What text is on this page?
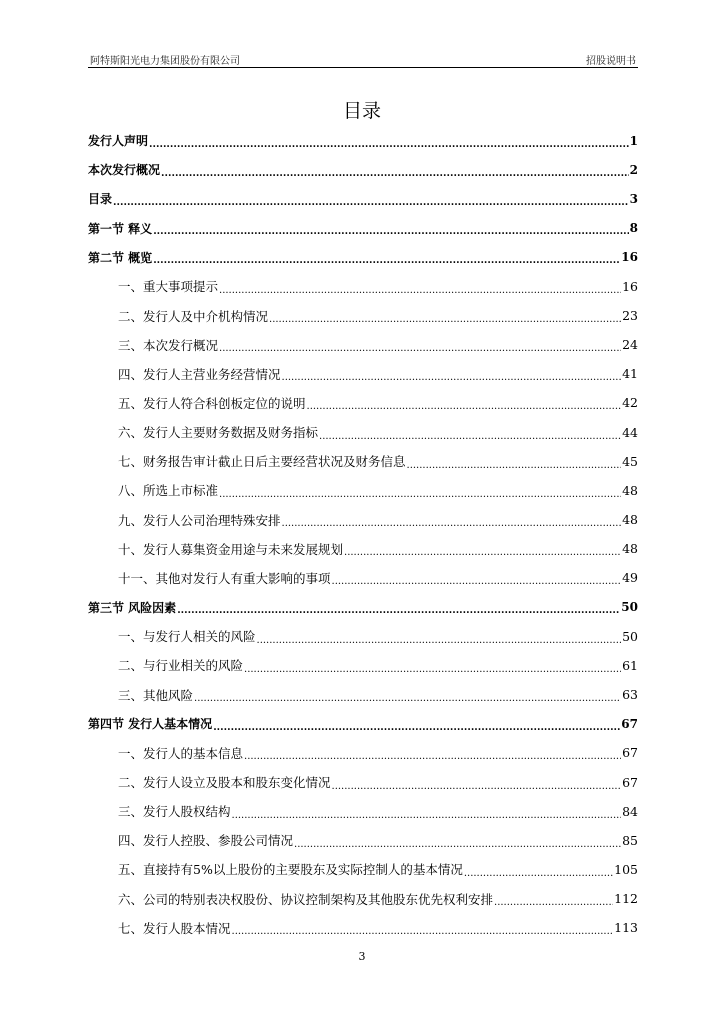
阿特斯阳光电力集团股份有限公司	招股说明书
目录
发行人声明 .....	1
本次发行概况 .....	2
目录 .....	3
第一节 释义 .....	8
第二节 概览 .....	16
一、重大事项提示 .....	16
二、发行人及中介机构情况 .....	23
三、本次发行概况 .....	24
四、发行人主营业务经营情况 .....	41
五、发行人符合科创板定位的说明 .....	42
六、发行人主要财务数据及财务指标 .....	44
七、财务报告审计截止日后主要经营状况及财务信息 .....	45
八、所选上市标准 .....	48
九、发行人公司治理特殊安排 .....	48
十、发行人募集资金用途与未来发展规划 .....	48
十一、其他对发行人有重大影响的事项 .....	49
第三节 风险因素 .....	50
一、与发行人相关的风险 .....	50
二、与行业相关的风险 .....	61
三、其他风险 .....	63
第四节 发行人基本情况 .....	67
一、发行人的基本信息 .....	67
二、发行人设立及股本和股东变化情况 .....	67
三、发行人股权结构 .....	84
四、发行人控股、参股公司情况 .....	85
五、直接持有5%以上股份的主要股东及实际控制人的基本情况 .....	105
六、公司的特别表决权股份、协议控制架构及其他股东优先权利安排 .....	112
七、发行人股本情况 .....	113
3
